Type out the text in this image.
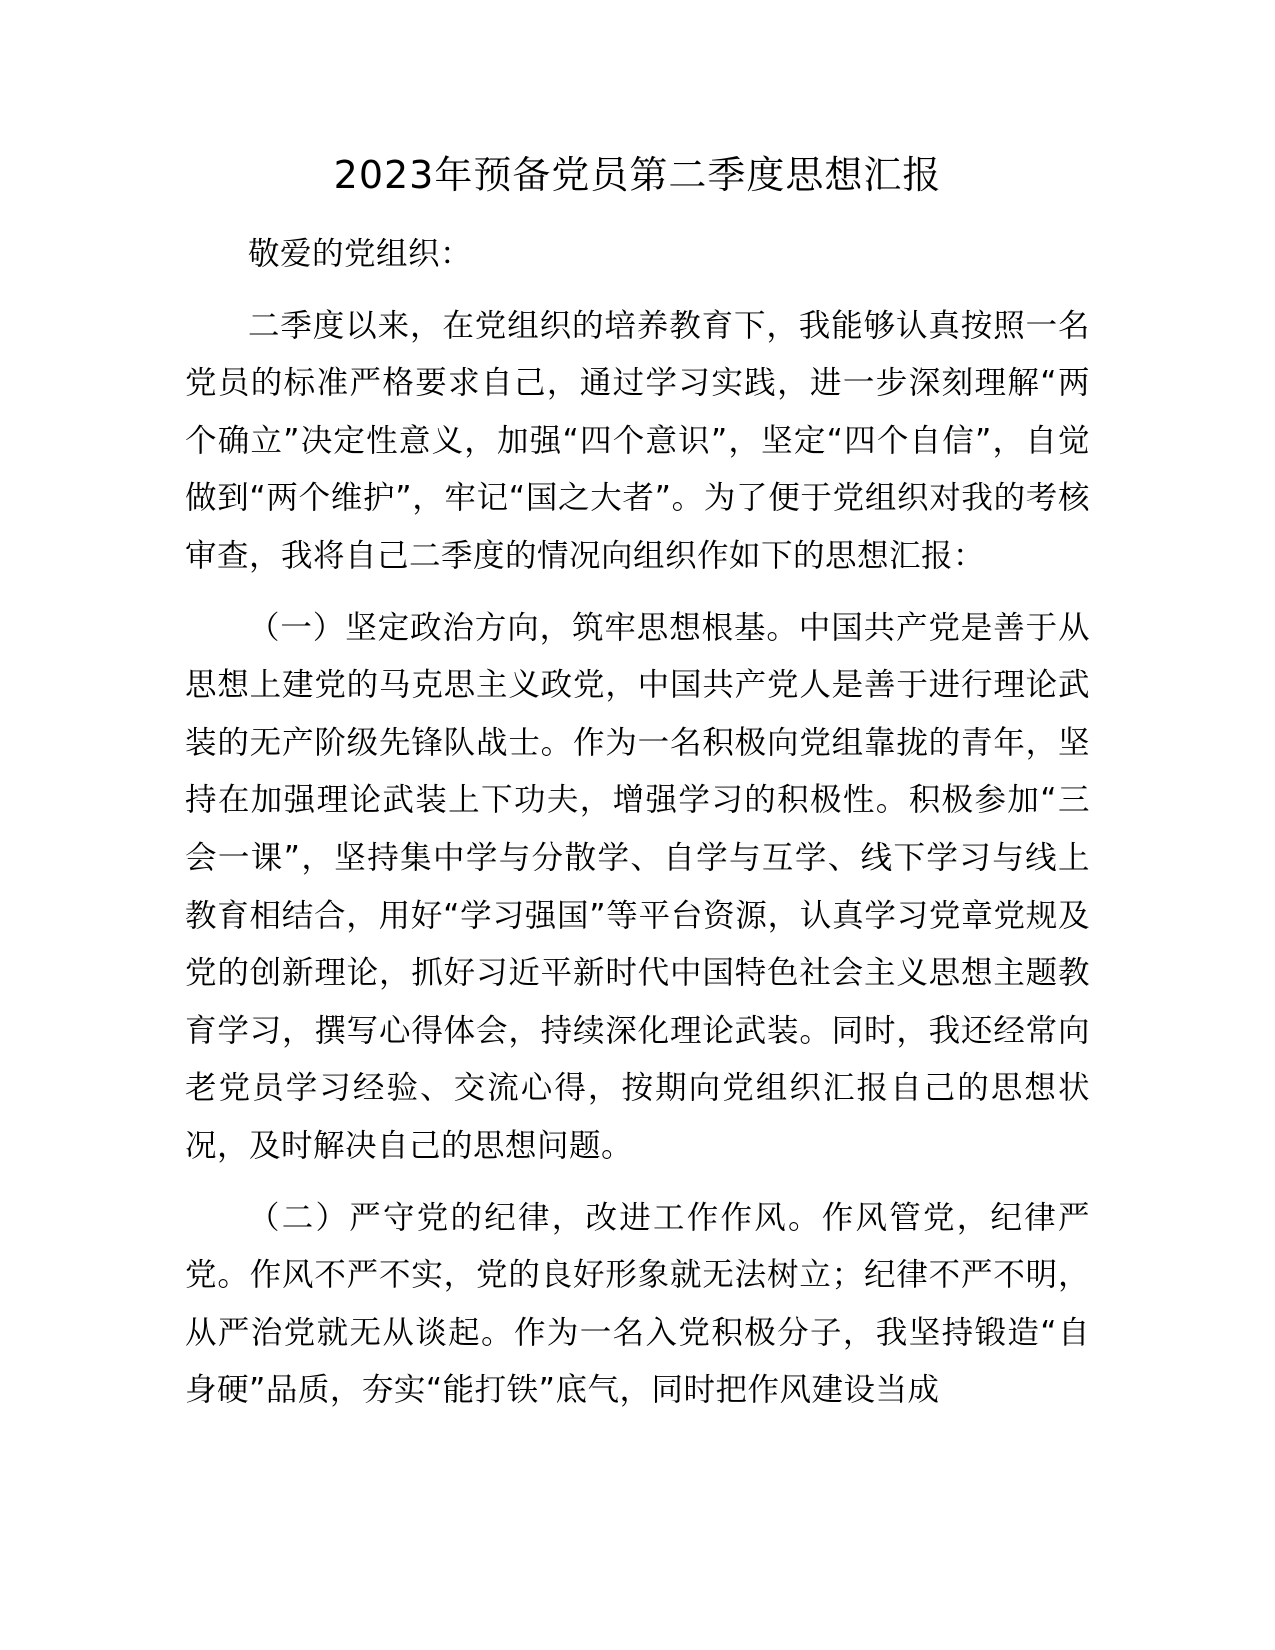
2023年预备党员第二季度思想汇报

敬爱的党组织：

二季度以来，在党组织的培养教育下，我能够认真按照一名党员的标准严格要求自己，通过学习实践，进一步深刻理解“两个确立”决定性意义，加强“四个意识”，坚定“四个自信”，自觉做到“两个维护”，牢记“国之大者”。为了便于党组织对我的考核审查，我将自己二季度的情况向组织作如下的思想汇报：

（一）坚定政治方向，筑牢思想根基。中国共产党是善于从思想上建党的马克思主义政党，中国共产党人是善于进行理论武装的无产阶级先锋队战士。作为一名积极向党组靠拢的青年，坚持在加强理论武装上下功夫，增强学习的积极性。积极参加“三会一课”，坚持集中学与分散学、自学与互学、线下学习与线上教育相结合，用好“学习强国”等平台资源，认真学习党章党规及党的创新理论，抓好习近平新时代中国特色社会主义思想主题教育学习，撰写心得体会，持续深化理论武装。同时，我还经常向老党员学习经验、交流心得，按期向党组织汇报自己的思想状况，及时解决自己的思想问题。

（二）严守党的纪律，改进工作作风。作风管党，纪律严党。作风不严不实，党的良好形象就无法树立；纪律不严不明，从严治党就无从谈起。作为一名入党积极分子，我坚持锻造“自身硬”品质，夯实“能打铁”底气，同时把作风建设当成
